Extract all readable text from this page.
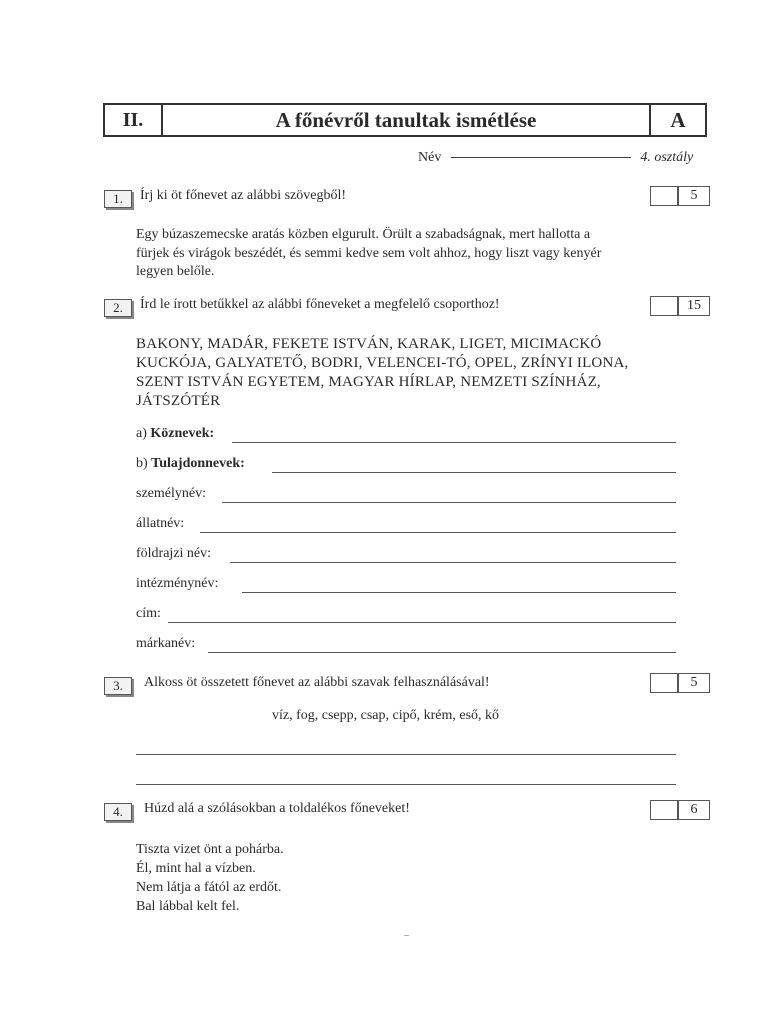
II.	A főnévről tanultak ismétlése	A
Név	4. osztály
1.	Írj ki öt főnevet az alábbi szövegből!	5
Egy búzaszemecske aratás közben elgurult. Örült a szabadságnak, mert hallotta a
fürjek és virágok beszédét, és semmi kedve sem volt ahhoz, hogy liszt vagy kenyér
legyen belőle.
2.	Írd le írott betűkkel az alábbi főneveket a megfelelő csoporthoz!	15
BAKONY, MADÁR, FEKETE ISTVÁN, KARAK, LIGET, MICIMACKÓ
KUCKÓJA, GALYATETŐ, BODRI, VELENCEI-TÓ, OPEL, ZRÍNYI ILONA,
SZENT ISTVÁN EGYETEM, MAGYAR HÍRLAP, NEMZETI SZÍNHÁZ,
JÁTSZÓTÉR
a) Köznevek:
b) Tulajdonnevek:
személynév:
állatnév:
földrajzi név:
intézménynév:
cím:
márkanév:
3.	Alkoss öt összetett főnevet az alábbi szavak felhasználásával!	5
víz, fog, csepp, csap, cipő, krém, eső, kő
4.	Húzd alá a szólásokban a toldalékos főneveket!	6
Tiszta vizet önt a pohárba.
Él, mint hal a vízben.
Nem látja a fától az erdőt.
Bal lábbal kelt fel.
–
